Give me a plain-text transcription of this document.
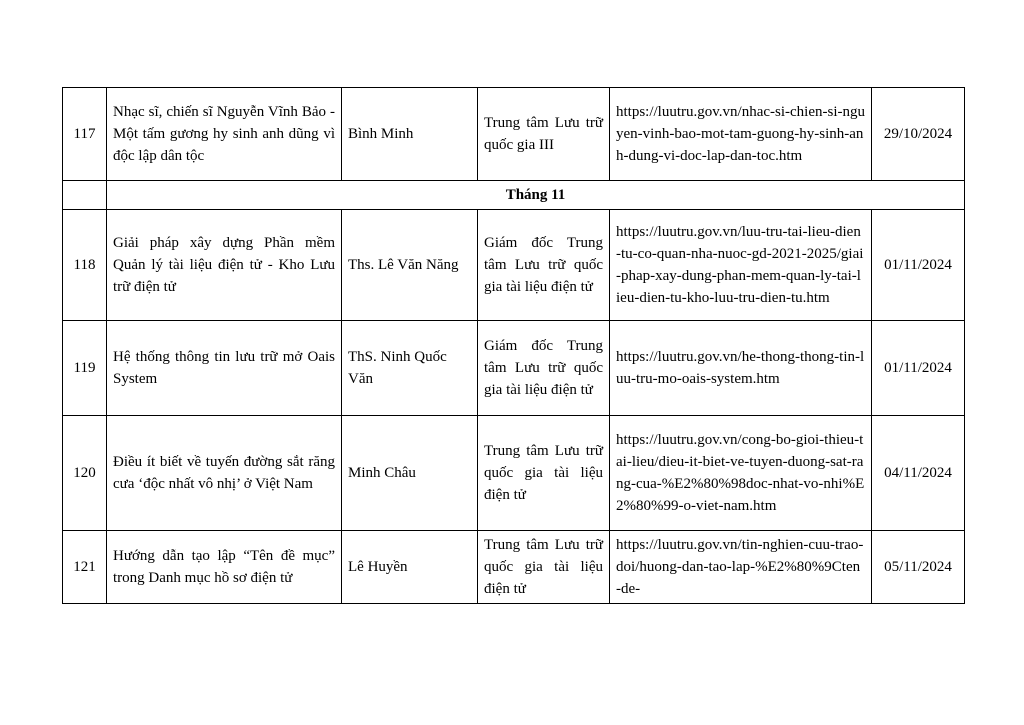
117	Nhạc sĩ, chiến sĩ Nguyễn Vĩnh Bảo - Một tấm gương hy sinh anh dũng vì độc lập dân tộc	Bình Minh	Trung tâm Lưu trữ quốc gia III	https://luutru.gov.vn/nhac-si-chien-si-nguyen-vinh-bao-mot-tam-guong-hy-sinh-anh-dung-vi-doc-lap-dan-toc.htm	29/10/2024
	Tháng 11				
118	Giải pháp xây dựng Phần mềm Quản lý tài liệu điện tử - Kho Lưu trữ điện tử	Ths. Lê Văn Năng	Giám đốc Trung tâm Lưu trữ quốc gia tài liệu điện tử	https://luutru.gov.vn/luu-tru-tai-lieu-dien-tu-co-quan-nha-nuoc-gd-2021-2025/giai-phap-xay-dung-phan-mem-quan-ly-tai-lieu-dien-tu-kho-luu-tru-dien-tu.htm	01/11/2024
119	Hệ thống thông tin lưu trữ mở Oais System	ThS. Ninh Quốc Văn	Giám đốc Trung tâm Lưu trữ quốc gia tài liệu điện tử	https://luutru.gov.vn/he-thong-thong-tin-luu-tru-mo-oais-system.htm	01/11/2024
120	Điều ít biết về tuyến đường sắt răng cưa ‘độc nhất vô nhị’ ở Việt Nam	Minh Châu	Trung tâm Lưu trữ quốc gia tài liệu điện tử	https://luutru.gov.vn/cong-bo-gioi-thieu-tai-lieu/dieu-it-biet-ve-tuyen-duong-sat-rang-cua-%E2%80%98doc-nhat-vo-nhi%E2%80%99-o-viet-nam.htm	04/11/2024
121	Hướng dẫn tạo lập “Tên đề mục” trong Danh mục hồ sơ điện tử	Lê Huyền	Trung tâm Lưu trữ quốc gia tài liệu điện tử	https://luutru.gov.vn/tin-nghien-cuu-trao-doi/huong-dan-tao-lap-%E2%80%9Cten-de-	05/11/2024
